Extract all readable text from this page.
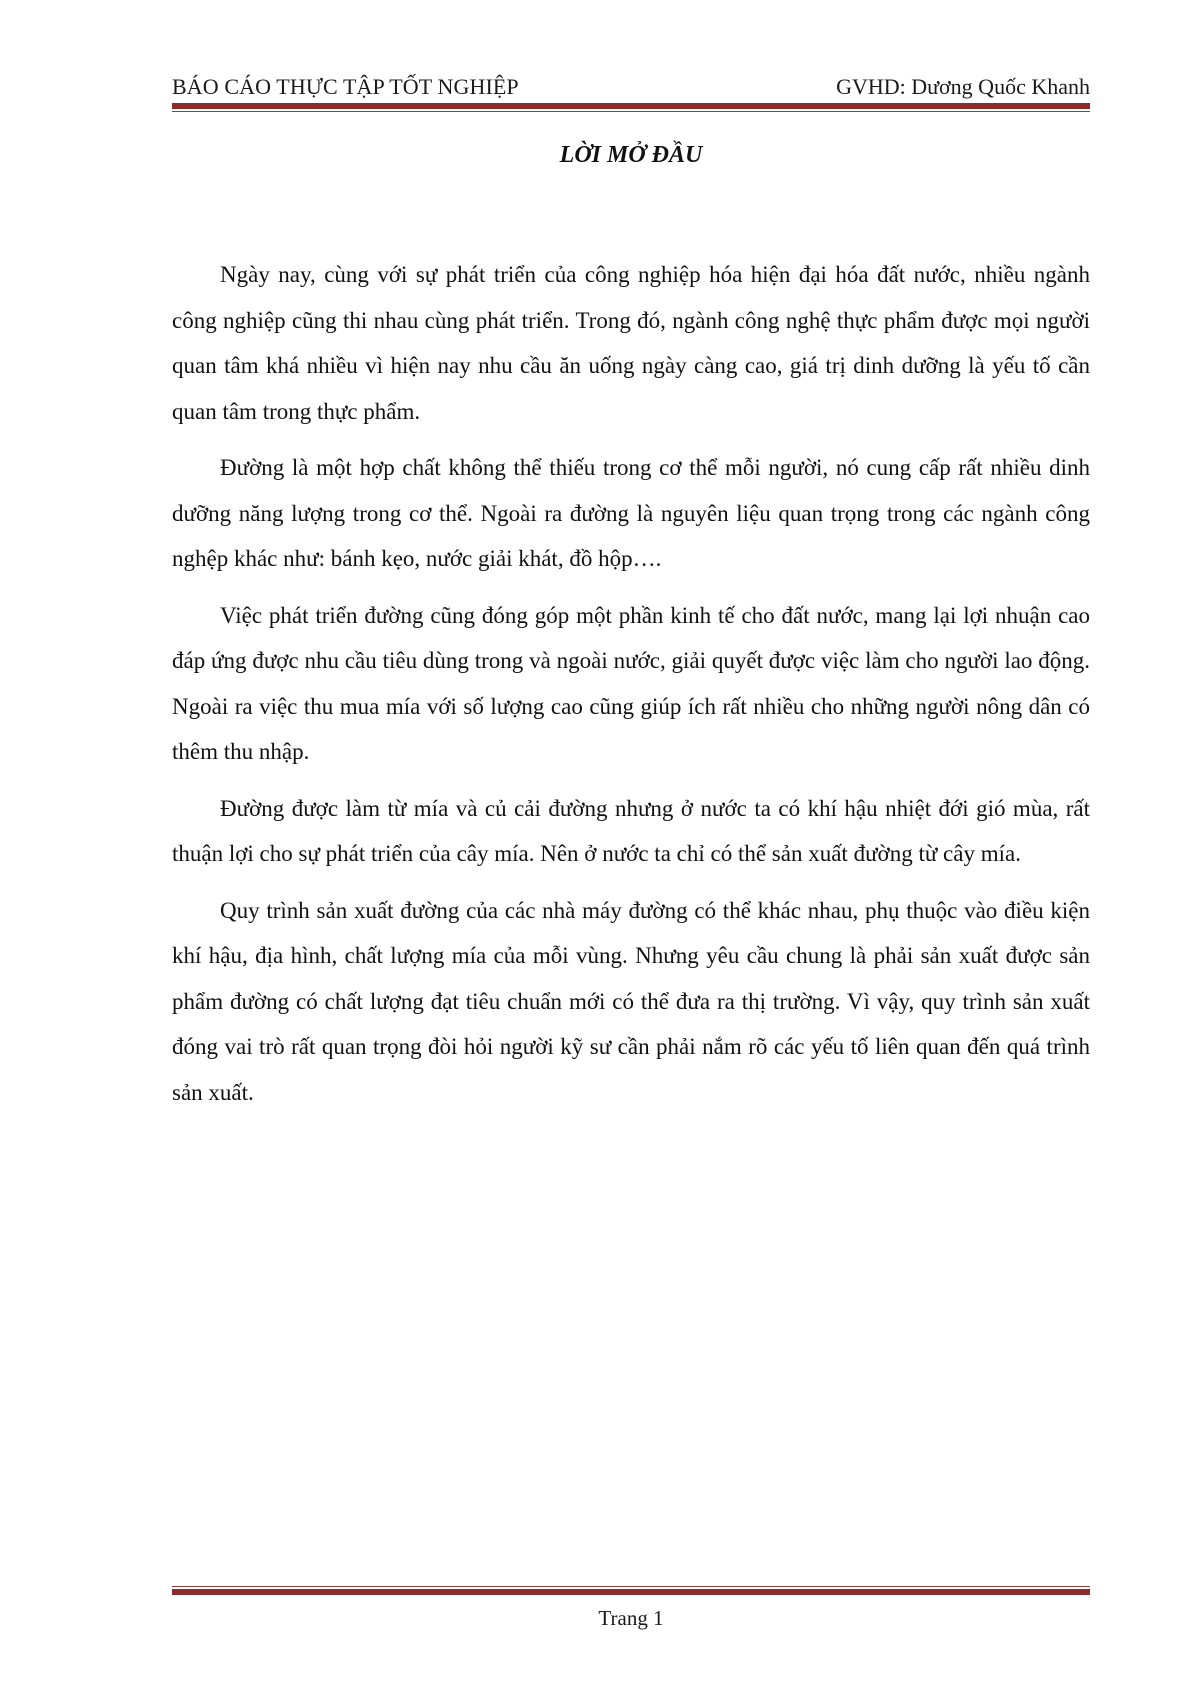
BÁO CÁO THỰC TẬP TỐT NGHIỆP	GVHD: Dương Quốc Khanh
LỜI MỞ ĐẦU

Ngày nay, cùng với sự phát triển của công nghiệp hóa hiện đại hóa đất nước, nhiều ngành công nghiệp cũng thi nhau cùng phát triển. Trong đó, ngành công nghệ thực phẩm được mọi người quan tâm khá nhiều vì hiện nay nhu cầu ăn uống ngày càng cao, giá trị dinh dưỡng là yếu tố cần quan tâm trong thực phẩm.

Đường là một hợp chất không thể thiếu trong cơ thể mỗi người, nó cung cấp rất nhiều dinh dưỡng năng lượng trong cơ thể. Ngoài ra đường là nguyên liệu quan trọng trong các ngành công nghệp khác như: bánh kẹo, nước giải khát, đồ hộp….

Việc phát triển đường cũng đóng góp một phần kinh tế cho đất nước, mang lại lợi nhuận cao đáp ứng được nhu cầu tiêu dùng trong và ngoài nước, giải quyết được việc làm cho người lao động. Ngoài ra việc thu mua mía với số lượng cao cũng giúp ích rất nhiều cho những người nông dân có thêm thu nhập.

Đường được làm từ mía và củ cải đường nhưng ở nước ta có khí hậu nhiệt đới gió mùa, rất thuận lợi cho sự phát triển của cây mía. Nên ở nước ta chỉ có thể sản xuất đường từ cây mía.

Quy trình sản xuất đường của các nhà máy đường có thể khác nhau, phụ thuộc vào điều kiện khí hậu, địa hình, chất lượng mía của mỗi vùng. Nhưng yêu cầu chung là phải sản xuất được sản phẩm đường có chất lượng đạt tiêu chuẩn mới có thể đưa ra thị trường. Vì vậy, quy trình sản xuất đóng vai trò rất quan trọng đòi hỏi người kỹ sư cần phải nắm rõ các yếu tố liên quan đến quá trình sản xuất.

Trang 1
